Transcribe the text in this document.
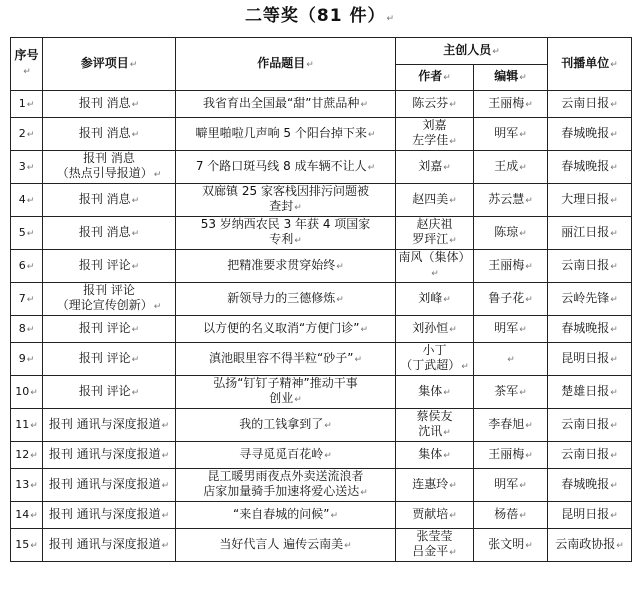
二等奖（81 件）↵
序号↵	参评项目↵	作品题目↵	主创人员↵		刊播单位↵
			作者↵	编辑↵	
1↵	报刊 消息↵	我省育出全国最“甜”甘蔗品种↵	陈云芬↵	王丽梅↵	云南日报↵
2↵	报刊 消息↵	噼里啪啦几声响 5 个阳台掉下来↵	刘嘉
左学佳↵	明军↵	春城晚报↵
3↵	报刊 消息
（热点引导报道）↵	7 个路口斑马线 8 成车辆不让人↵	刘嘉↵	王成↵	春城晚报↵
4↵	报刊 消息↵	双廊镇 25 家客栈因排污问题被
查封↵	赵四美↵	苏云慧↵	大理日报↵
5↵	报刊 消息↵	53 岁纳西农民 3 年获 4 项国家
专利↵	赵庆祖
罗玶江↵	陈琼↵	丽江日报↵
6↵	报刊 评论↵	把精准要求贯穿始终↵	南风（集体）↵	王丽梅↵	云南日报↵
7↵	报刊 评论
（理论宣传创新）↵	新领导力的三德修炼↵	刘峰↵	鲁子花↵	云岭先锋↵
8↵	报刊 评论↵	以方便的名义取消“方便门诊”↵	刘孙恒↵	明军↵	春城晚报↵
9↵	报刊 评论↵	滇池眼里容不得半粒“砂子”↵	小丁
（丁武超）↵	↵	昆明日报↵
10↵	报刊 评论↵	弘扬“钉钉子精神”推动干事
创业↵	集体↵	茶军↵	楚雄日报↵
11↵	报刊 通讯与深度报道↵	我的工钱拿到了↵	蔡侯友
沈讯↵	李春旭↵	云南日报↵
12↵	报刊 通讯与深度报道↵	寻寻觅觅百花岭↵	集体↵	王丽梅↵	云南日报↵
13↵	报刊 通讯与深度报道↵	昆工暖男雨夜点外卖送流浪者
店家加量骑手加速将爱心送达↵	连惠玲↵	明军↵	春城晚报↵
14↵	报刊 通讯与深度报道↵	“来自春城的问候”↵	贾献培↵	杨蓓↵	昆明日报↵
15↵	报刊 通讯与深度报道↵	当好代言人 遍传云南美↵	张莹莹
吕金平↵	张文明↵	云南政协报↵
